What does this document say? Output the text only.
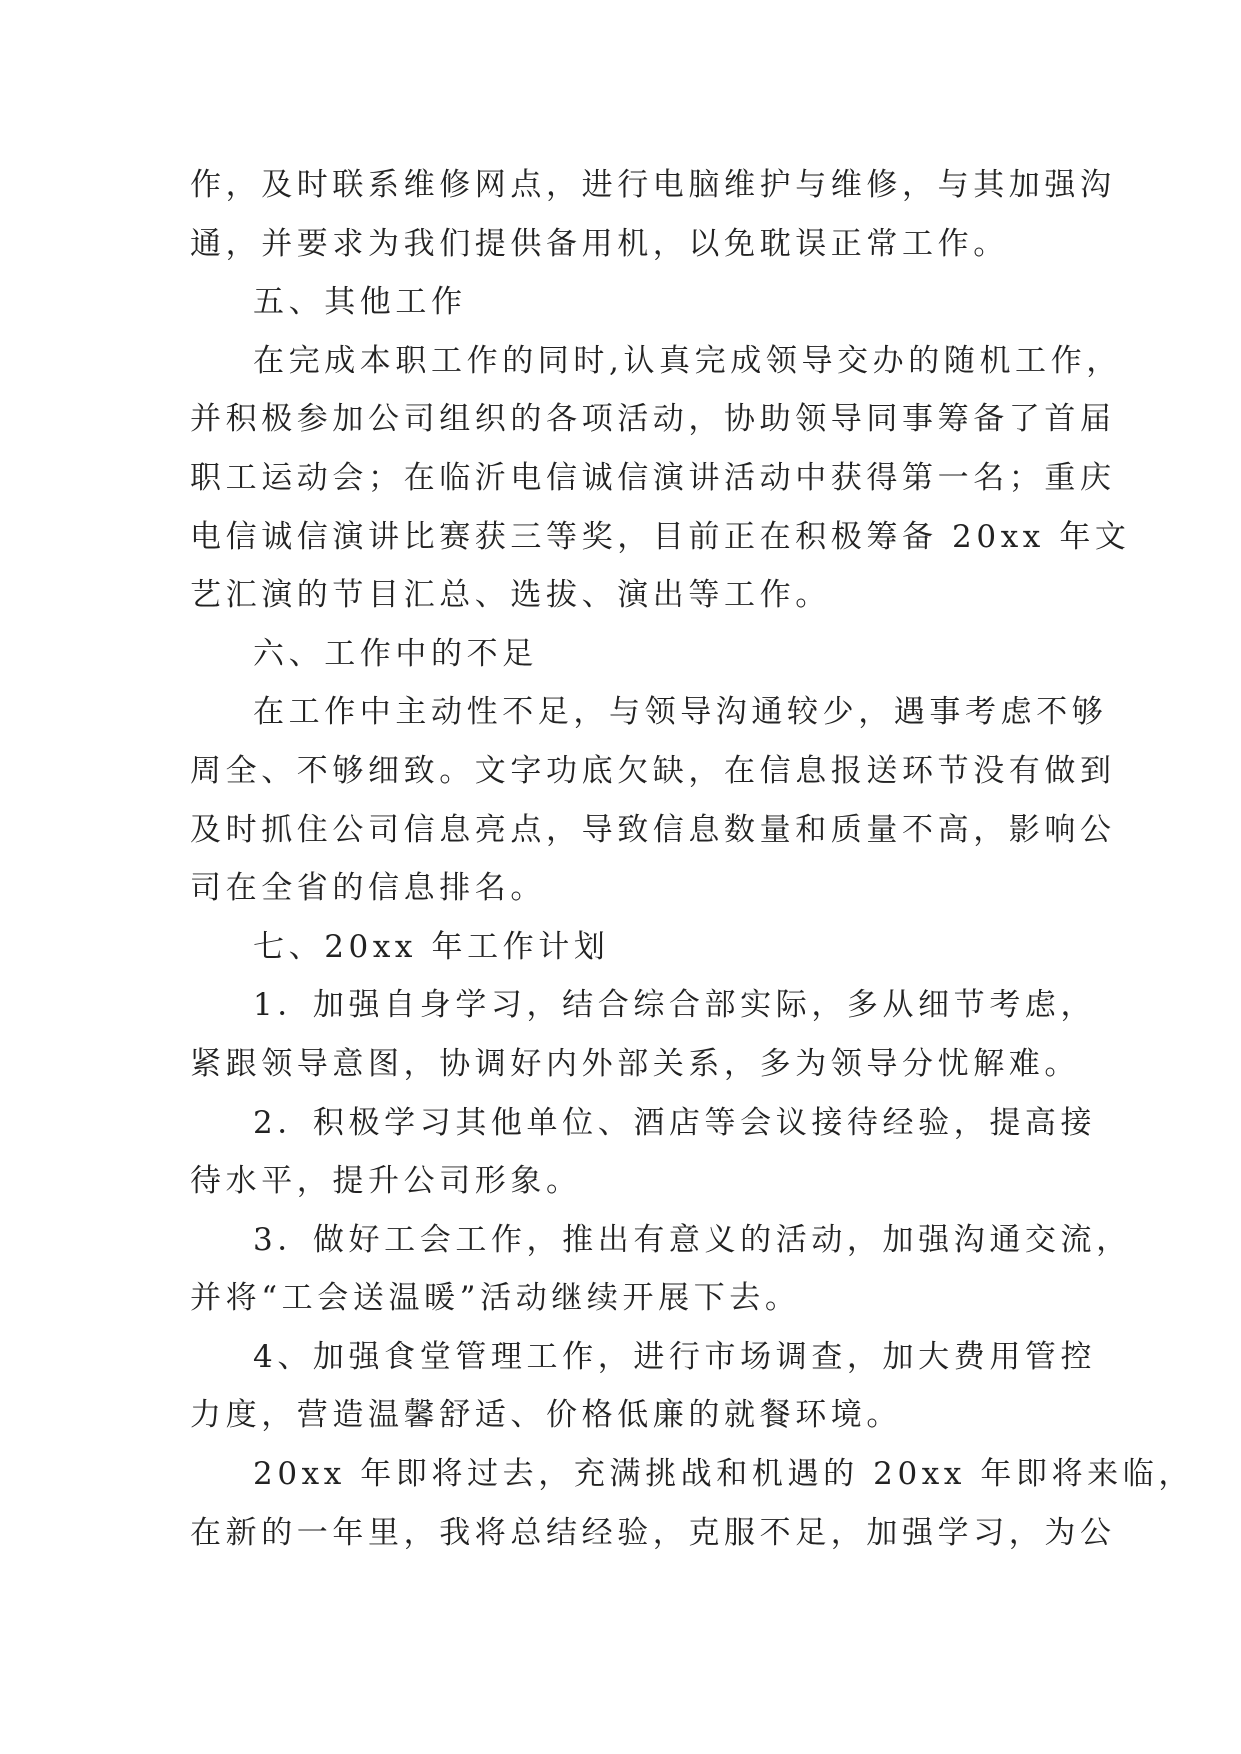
作，及时联系维修网点，进行电脑维护与维修，与其加强沟
通，并要求为我们提供备用机，以免耽误正常工作。
五、其他工作
在完成本职工作的同时,认真完成领导交办的随机工作，
并积极参加公司组织的各项活动，协助领导同事筹备了首届
职工运动会；在临沂电信诚信演讲活动中获得第一名；重庆
电信诚信演讲比赛获三等奖，目前正在积极筹备 20xx 年文
艺汇演的节目汇总、选拔、演出等工作。
六、工作中的不足
在工作中主动性不足，与领导沟通较少，遇事考虑不够
周全、不够细致。文字功底欠缺，在信息报送环节没有做到
及时抓住公司信息亮点，导致信息数量和质量不高，影响公
司在全省的信息排名。
七、20xx 年工作计划
1．加强自身学习，结合综合部实际，多从细节考虑，
紧跟领导意图，协调好内外部关系，多为领导分忧解难。
2．积极学习其他单位、酒店等会议接待经验，提高接
待水平，提升公司形象。
3．做好工会工作，推出有意义的活动，加强沟通交流，
并将“工会送温暖”活动继续开展下去。
4、加强食堂管理工作，进行市场调查，加大费用管控
力度，营造温馨舒适、价格低廉的就餐环境。
20xx 年即将过去，充满挑战和机遇的 20xx 年即将来临，
在新的一年里，我将总结经验，克服不足，加强学习，为公
